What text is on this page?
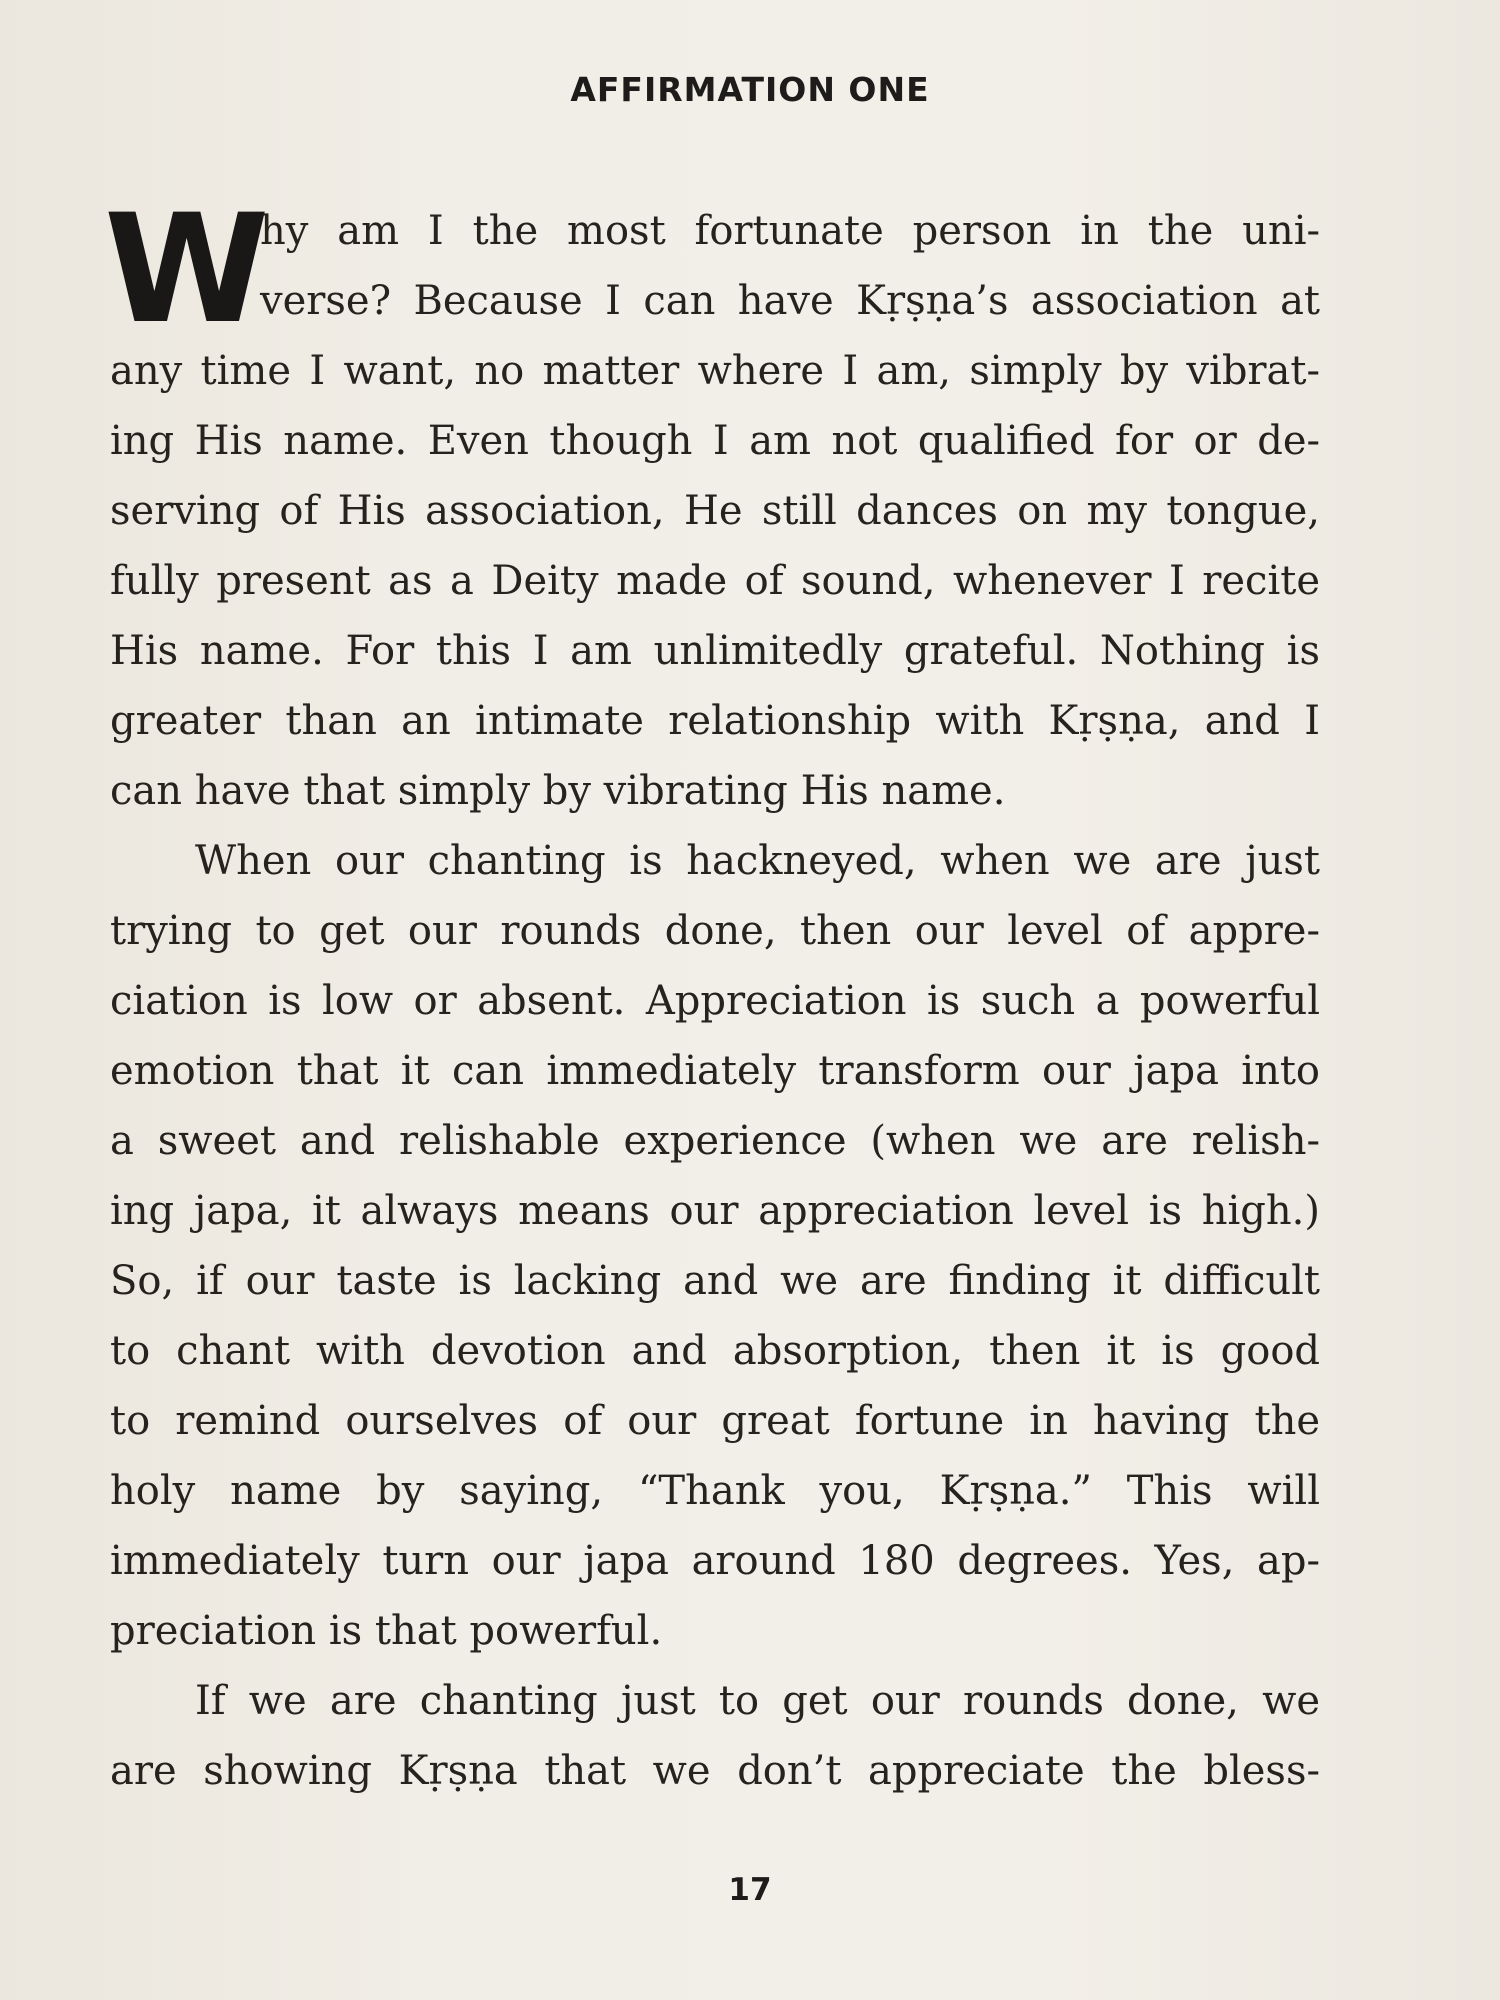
AFFIRMATION ONE
W
hy am I the most fortunate person in the uni-
verse? Because I can have Kṛṣṇa’s association at
any time I want, no matter where I am, simply by vibrat-
ing His name. Even though I am not qualified for or de-
serving of His association, He still dances on my tongue,
fully present as a Deity made of sound, whenever I recite
His name. For this I am unlimitedly grateful. Nothing is
greater than an intimate relationship with Kṛṣṇa, and I
can have that simply by vibrating His name.
When our chanting is hackneyed, when we are just
trying to get our rounds done, then our level of appre-
ciation is low or absent. Appreciation is such a powerful
emotion that it can immediately transform our japa into
a sweet and relishable experience (when we are relish-
ing japa, it always means our appreciation level is high.)
So, if our taste is lacking and we are finding it difficult
to chant with devotion and absorption, then it is good
to remind ourselves of our great fortune in having the
holy name by saying, “Thank you, Kṛṣṇa.” This will
immediately turn our japa around 180 degrees. Yes, ap-
preciation is that powerful.
If we are chanting just to get our rounds done, we
are showing Kṛṣṇa that we don’t appreciate the bless-
17
